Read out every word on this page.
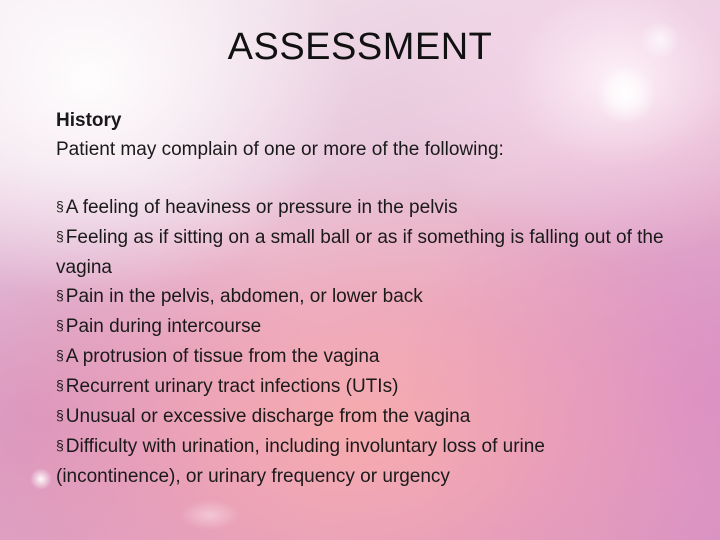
ASSESSMENT
History
Patient may complain of one or more of the following:
§ A feeling of heaviness or pressure in the pelvis
§ Feeling as if sitting on a small ball or as if something is falling out of the vagina
§ Pain in the pelvis, abdomen, or lower back
§ Pain during intercourse
§ A protrusion of tissue from the vagina
§ Recurrent urinary tract infections (UTIs)
§ Unusual or excessive discharge from the vagina
§ Difficulty with urination, including involuntary loss of urine (incontinence), or urinary frequency or urgency
